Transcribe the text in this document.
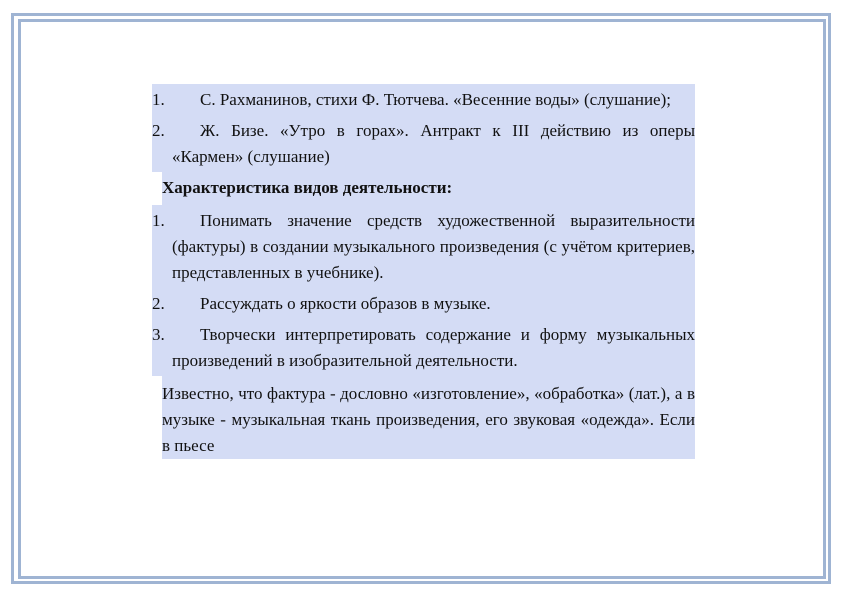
1.	С. Рахманинов, стихи Ф. Тютчева. «Весенние воды» (слушание);
2.	Ж. Бизе. «Утро в горах». Антракт к III действию из оперы «Кармен» (слушание)
Характеристика видов деятельности:
1.	Понимать значение средств художественной выразительности (фактуры) в создании музыкального произведения (с учётом критериев, представленных в учебнике).
2.	Рассуждать о яркости образов в музыке.
3.	Творчески интерпретировать содержание и форму музыкальных произведений в изобразительной деятельности.
Известно, что фактура - дословно «изготовление», «обработка» (лат.), а в музыке - музыкальная ткань произведения, его звуковая «одежда». Если в пьесе
